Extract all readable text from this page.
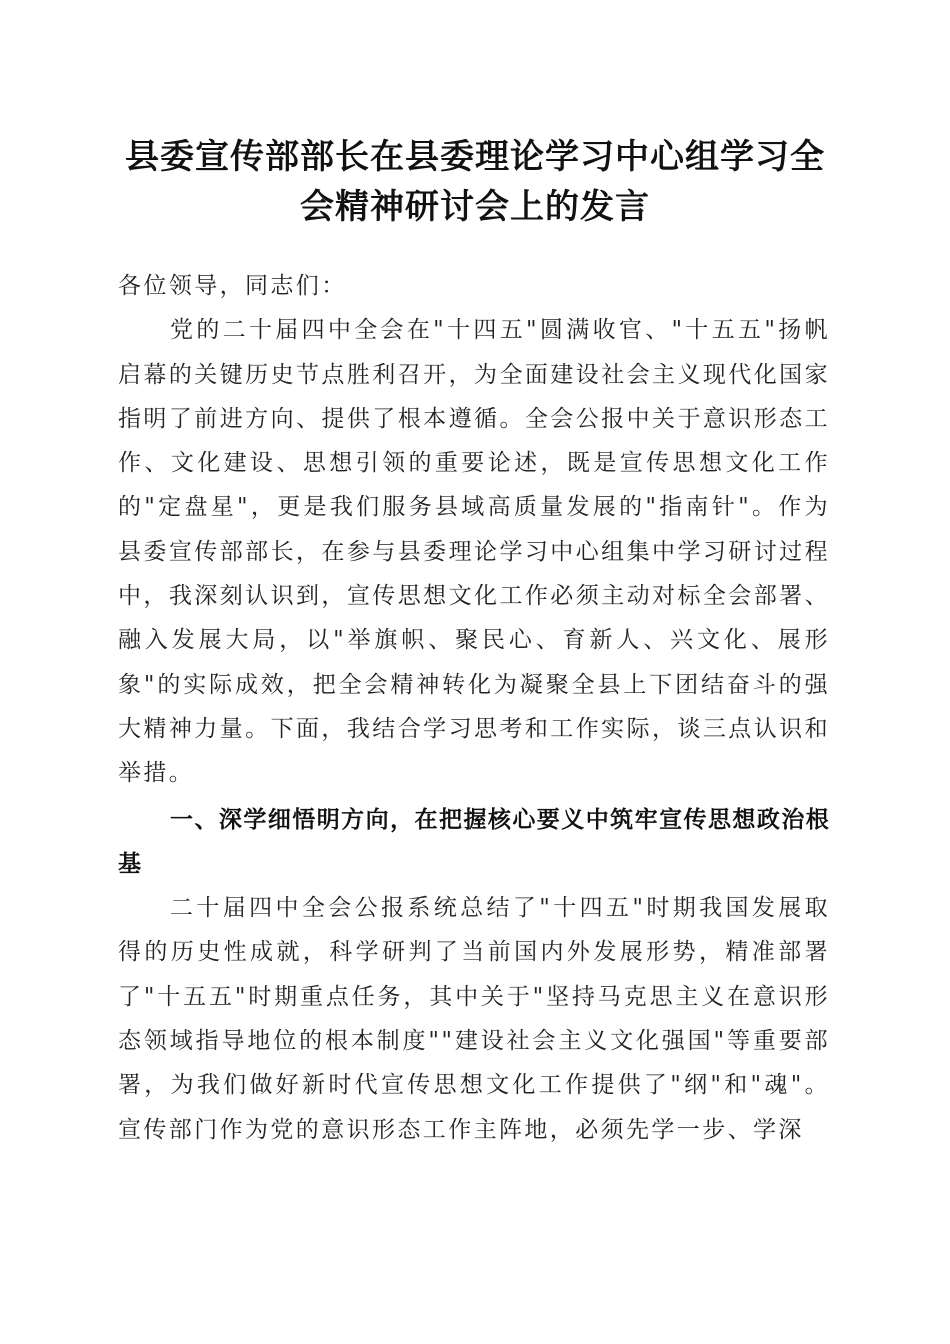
县委宣传部部长在县委理论学习中心组学习全
会精神研讨会上的发言

各位领导，同志们：

党的二十届四中全会在"十四五"圆满收官、"十五五"扬帆启幕的关键历史节点胜利召开，为全面建设社会主义现代化国家指明了前进方向、提供了根本遵循。全会公报中关于意识形态工作、文化建设、思想引领的重要论述，既是宣传思想文化工作的"定盘星"，更是我们服务县域高质量发展的"指南针"。作为县委宣传部部长，在参与县委理论学习中心组集中学习研讨过程中，我深刻认识到，宣传思想文化工作必须主动对标全会部署、融入发展大局，以"举旗帜、聚民心、育新人、兴文化、展形象"的实际成效，把全会精神转化为凝聚全县上下团结奋斗的强大精神力量。下面，我结合学习思考和工作实际，谈三点认识和举措。

一、深学细悟明方向，在把握核心要义中筑牢宣传思想政治根基

二十届四中全会公报系统总结了"十四五"时期我国发展取得的历史性成就，科学研判了当前国内外发展形势，精准部署了"十五五"时期重点任务，其中关于"坚持马克思主义在意识形态领域指导地位的根本制度""建设社会主义文化强国"等重要部署，为我们做好新时代宣传思想文化工作提供了"纲"和"魂"。宣传部门作为党的意识形态工作主阵地，必须先学一步、学深
